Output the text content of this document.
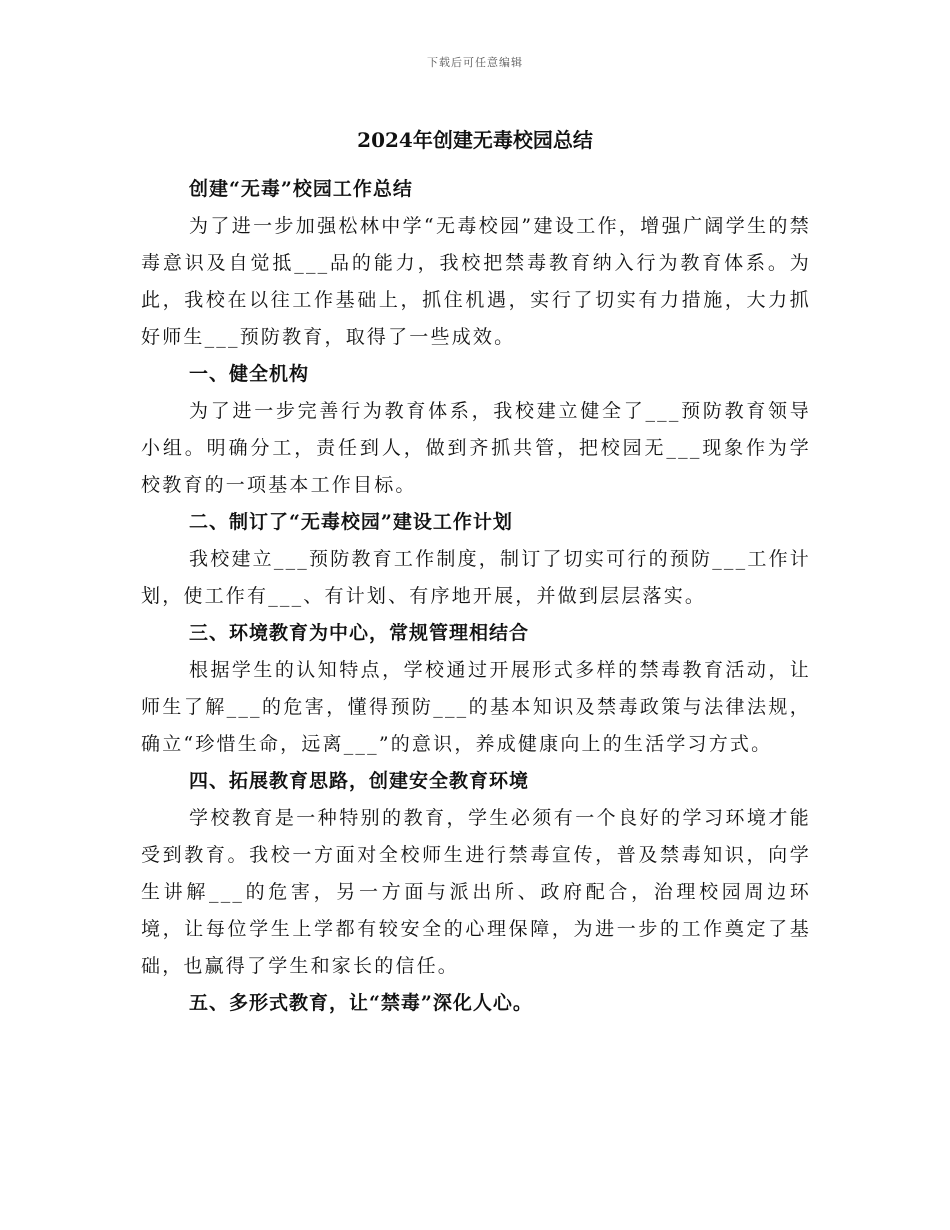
下载后可任意编辑
2024年创建无毒校园总结

创建“无毒”校园工作总结

为了进一步加强松林中学“无毒校园”建设工作，增强广阔学生的禁毒意识及自觉抵___品的能力，我校把禁毒教育纳入行为教育体系。为此，我校在以往工作基础上，抓住机遇，实行了切实有力措施，大力抓好师生___预防教育，取得了一些成效。

一、健全机构

为了进一步完善行为教育体系，我校建立健全了___预防教育领导小组。明确分工，责任到人，做到齐抓共管，把校园无___现象作为学校教育的一项基本工作目标。

二、制订了“无毒校园”建设工作计划

我校建立___预防教育工作制度，制订了切实可行的预防___工作计划，使工作有___、有计划、有序地开展，并做到层层落实。

三、环境教育为中心，常规管理相结合

根据学生的认知特点，学校通过开展形式多样的禁毒教育活动，让师生了解___的危害，懂得预防___的基本知识及禁毒政策与法律法规，确立“珍惜生命，远离___”的意识，养成健康向上的生活学习方式。

四、拓展教育思路，创建安全教育环境

学校教育是一种特别的教育，学生必须有一个良好的学习环境才能受到教育。我校一方面对全校师生进行禁毒宣传，普及禁毒知识，向学生讲解___的危害，另一方面与派出所、政府配合，治理校园周边环境，让每位学生上学都有较安全的心理保障，为进一步的工作奠定了基础，也赢得了学生和家长的信任。

五、多形式教育，让“禁毒”深化人心。
